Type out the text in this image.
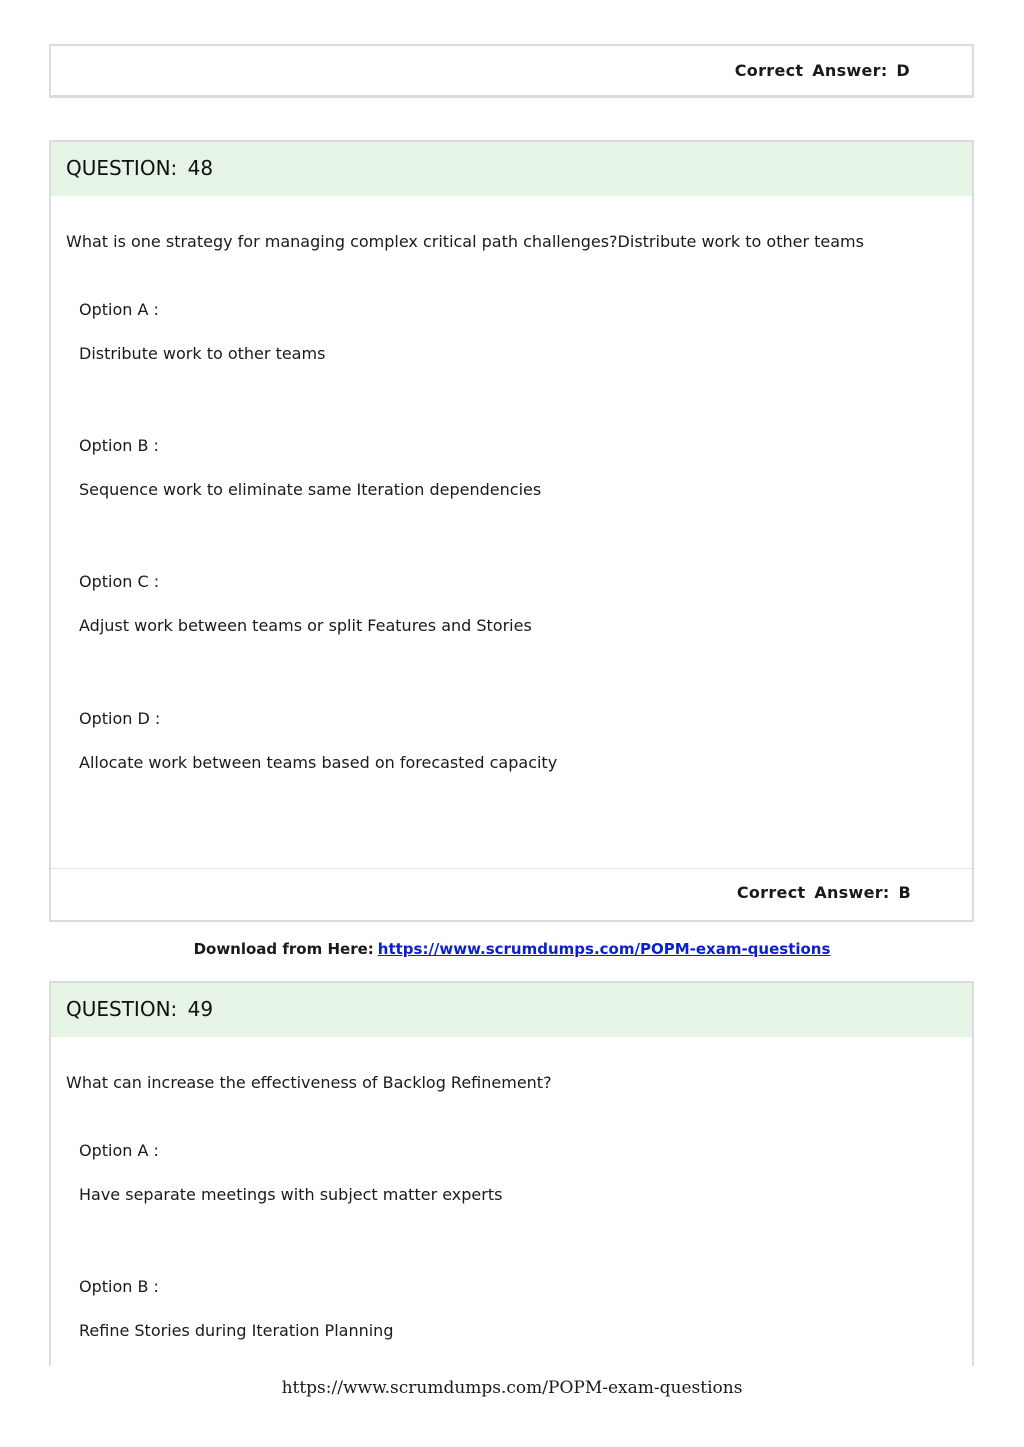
Correct Answer: D
QUESTION: 48
What is one strategy for managing complex critical path challenges?Distribute work to other teams
Option A :
Distribute work to other teams
Option B :
Sequence work to eliminate same Iteration dependencies
Option C :
Adjust work between teams or split Features and Stories
Option D :
Allocate work between teams based on forecasted capacity
Correct Answer: B
Download from Here: https://www.scrumdumps.com/POPM-exam-questions
QUESTION: 49
What can increase the effectiveness of Backlog Refinement?
Option A :
Have separate meetings with subject matter experts
Option B :
Refine Stories during Iteration Planning
https://www.scrumdumps.com/POPM-exam-questions
